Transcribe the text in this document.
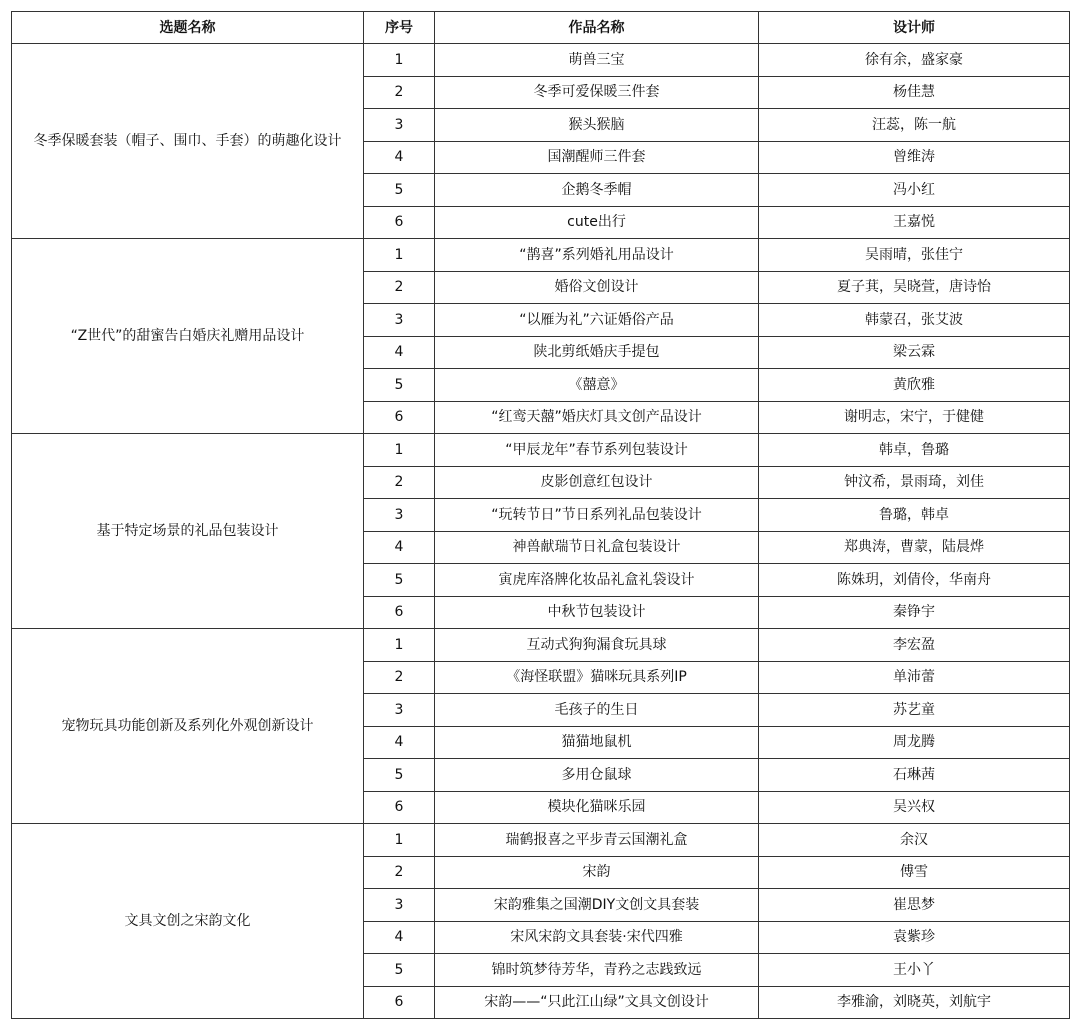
选题名称	序号	作品名称	设计师
冬季保暖套装（帽子、围巾、手套）的萌趣化设计	1	萌兽三宝	徐有余，盛家豪
	2	冬季可爱保暖三件套	杨佳慧
	3	猴头猴脑	汪蕊，陈一航
	4	国潮醒师三件套	曾维涛
	5	企鹅冬季帽	冯小红
	6	cute出行	王嘉悦
“Z世代”的甜蜜告白婚庆礼赠用品设计	1	“鹊喜”系列婚礼用品设计	吴雨晴，张佳宁
	2	婚俗文创设计	夏子萁，吴晓萱，唐诗怡
	3	“以雁为礼”六证婚俗产品	韩蒙召，张艾波
	4	陕北剪纸婚庆手提包	梁云霖
	5	《囍意》	黄欣雅
	6	“红鸾天囍”婚庆灯具文创产品设计	谢明志，宋宁，于健健
基于特定场景的礼品包装设计	1	“甲辰龙年”春节系列包装设计	韩卓，鲁璐
	2	皮影创意红包设计	钟汶希，景雨琦，刘佳
	3	“玩转节日”节日系列礼品包装设计	鲁璐，韩卓
	4	神兽献瑞节日礼盒包装设计	郑典涛，曹蒙，陆晨烨
	5	寅虎库洛牌化妆品礼盒礼袋设计	陈姝玥，刘倩伶，华南舟
	6	中秋节包装设计	秦铮宇
宠物玩具功能创新及系列化外观创新设计	1	互动式狗狗漏食玩具球	李宏盈
	2	《海怪联盟》猫咪玩具系列IP	单沛蕾
	3	毛孩子的生日	苏艺童
	4	猫猫地鼠机	周龙腾
	5	多用仓鼠球	石琳茜
	6	模块化猫咪乐园	吴兴权
文具文创之宋韵文化	1	瑞鹤报喜之平步青云国潮礼盒	余汉
	2	宋韵	傅雪
	3	宋韵雅集之国潮DIY文创文具套装	崔思梦
	4	宋风宋韵文具套装·宋代四雅	袁紫珍
	5	锦时筑梦待芳华，青矜之志践致远	王小丫
	6	宋韵——“只此江山绿”文具文创设计	李雅渝，刘晓英，刘航宇
